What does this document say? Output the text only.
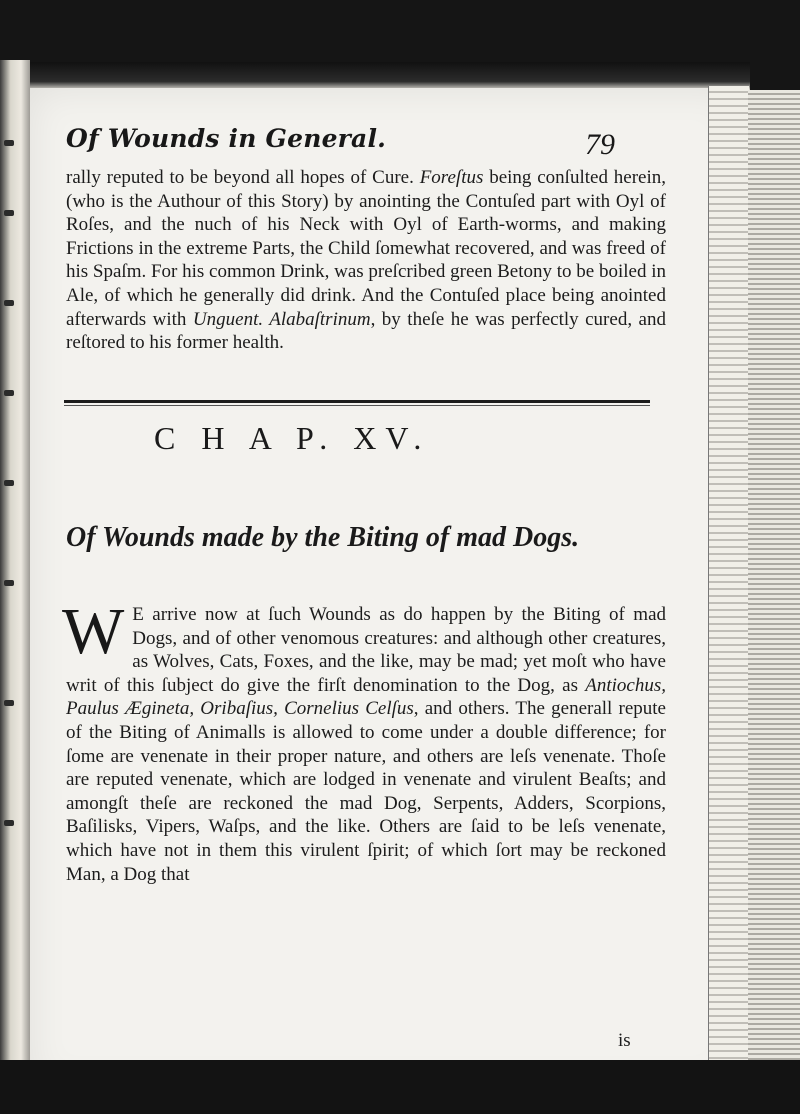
Of Wounds in General.	79
rally reputed to be beyond all hopes of Cure. Foreſtus being conſulted herein, (who is the Authour of this Story) by anointing the Contuſed part with Oyl of Roſes, and the nuch of his Neck with Oyl of Earth-worms, and making Frictions in the extreme Parts, the Child ſomewhat recovered, and was freed of his Spaſm. For his common Drink, was preſcribed green Betony to be boiled in Ale, of which he generally did drink. And the Contuſed place being anointed afterwards with Unguent. Alabaſtrinum, by theſe he was perfectly cured, and reſtored to his former health.
C H A P. XV.
Of Wounds made by the Biting of mad Dogs.
W E arrive now at ſuch Wounds as do happen by the Biting of mad Dogs, and of other venomous creatures: and although other creatures, as Wolves, Cats, Foxes, and the like, may be mad; yet moſt who have writ of this ſubject do give the firſt denomination to the Dog, as Antiochus, Paulus Ægineta, Oribaſius, Cornelius Celſus, and others. The generall repute of the Biting of Animalls is allowed to come under a double difference; for ſome are venenate in their proper nature, and others are leſs venenate. Thoſe are reputed venenate, which are lodged in venenate and virulent Beaſts; and amongſt theſe are reckoned the mad Dog, Serpents, Adders, Scorpions, Baſilisks, Vipers, Waſps, and the like. Others are ſaid to be leſs venenate, which have not in them this virulent ſpirit; of which ſort may be reckoned Man, a Dog that
is
